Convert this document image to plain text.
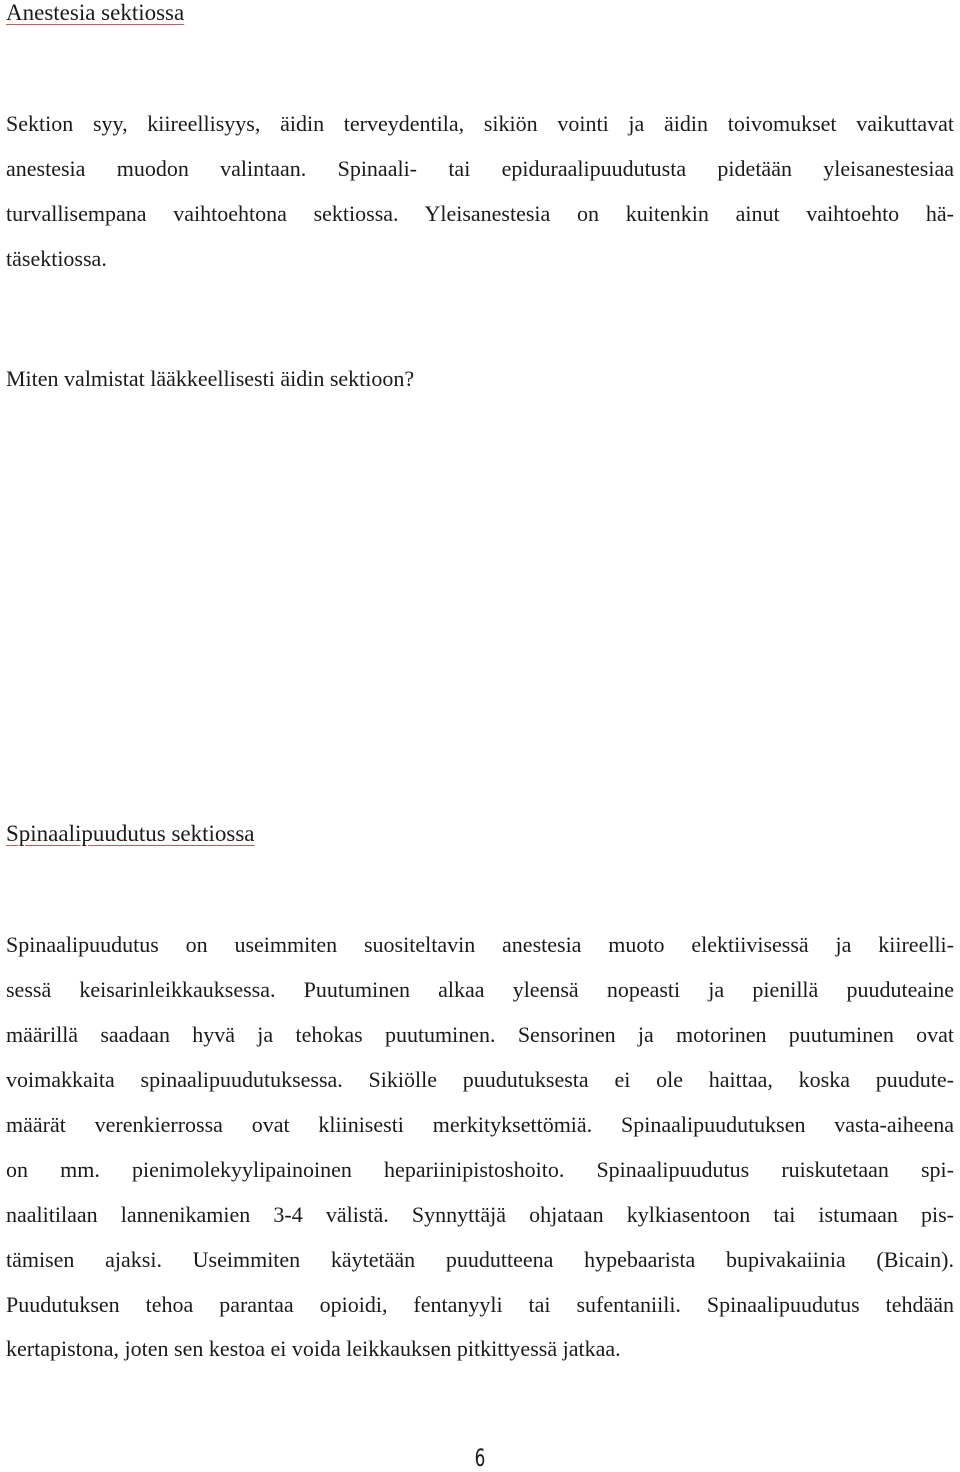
Anestesia sektiossa
Sektion syy, kiireellisyys, äidin terveydentila, sikiön vointi ja äidin toivomukset vaikuttavat
anestesia muodon valintaan. Spinaali- tai epiduraalipuudutusta pidetään yleisanestesiaa
turvallisempana vaihtoehtona sektiossa. Yleisanestesia on kuitenkin ainut vaihtoehto hä-
täsektiossa.
Miten valmistat lääkkeellisesti äidin sektioon?
Spinaalipuudutus sektiossa
Spinaalipuudutus on useimmiten suositeltavin anestesia muoto elektiivisessä ja kiireelli-
sessä keisarinleikkauksessa. Puutuminen alkaa yleensä nopeasti ja pienillä puuduteaine
määrillä saadaan hyvä ja tehokas puutuminen. Sensorinen ja motorinen puutuminen ovat
voimakkaita spinaalipuudutuksessa. Sikiölle puudutuksesta ei ole haittaa, koska puudute-
määrät verenkierrossa ovat kliinisesti merkityksettömiä. Spinaalipuudutuksen vasta-aiheena
on mm. pienimolekyylipainoinen hepariinipistoshoito. Spinaalipuudutus ruiskutetaan spi-
naalitilaan lannenikamien 3-4 välistä. Synnyttäjä ohjataan kylkiasentoon tai istumaan pis-
tämisen ajaksi. Useimmiten käytetään puudutteena hypebaarista bupivakaiinia (Bicain).
Puudutuksen tehoa parantaa opioidi, fentanyyli tai sufentaniili. Spinaalipuudutus tehdään
kertapistona, joten sen kestoa ei voida leikkauksen pitkittyessä jatkaa.
6
